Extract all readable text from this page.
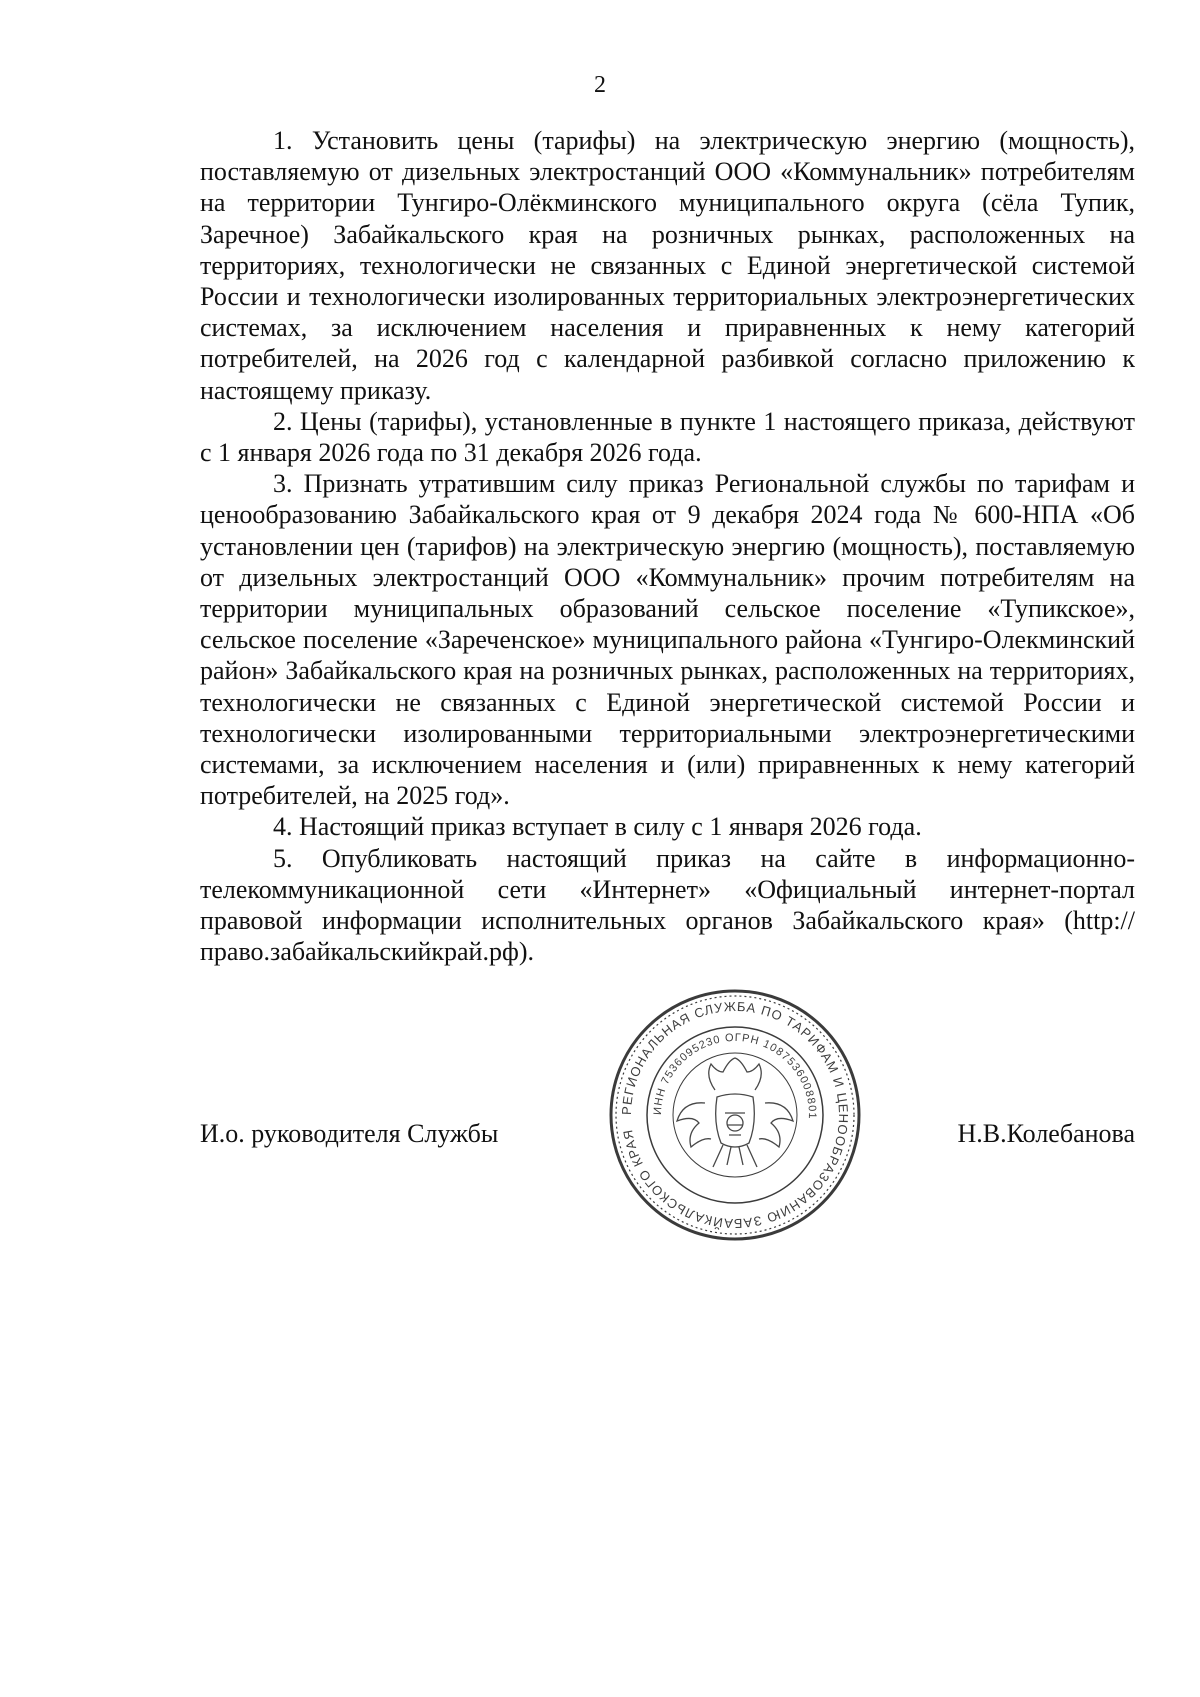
2

1. Установить цены (тарифы) на электрическую энергию (мощность), поставляемую от дизельных электростанций ООО «Коммунальник» потребителям на территории Тунгиро-Олёкминского муниципального округа (сёла Тупик, Заречное) Забайкальского края на розничных рынках, расположенных на территориях, технологически не связанных с Единой энергетической системой России и технологически изолированных территориальных электроэнергетических системах, за исключением населения и приравненных к нему категорий потребителей, на 2026 год с календарной разбивкой согласно приложению к настоящему приказу.

2. Цены (тарифы), установленные в пункте 1 настоящего приказа, действуют с 1 января 2026 года по 31 декабря 2026 года.

3. Признать утратившим силу приказ Региональной службы по тарифам и ценообразованию Забайкальского края от 9 декабря 2024 года № 600-НПА «Об установлении цен (тарифов) на электрическую энергию (мощность), поставляемую от дизельных электростанций ООО «Коммунальник» прочим потребителям на территории муниципальных образований сельское поселение «Тупикское», сельское поселение «Зареченское» муниципального района «Тунгиро-Олекминский район» Забайкальского края на розничных рынках, расположенных на территориях, технологически не связанных с Единой энергетической системой России и технологически изолированными территориальными электроэнергетическими системами, за исключением населения и (или) приравненных к нему категорий потребителей, на 2025 год».

4. Настоящий приказ вступает в силу с 1 января 2026 года.

5. Опубликовать настоящий приказ на сайте в информационно-телекоммуникационной сети «Интернет» «Официальный интернет-портал правовой информации исполнительных органов Забайкальского края» (http://право.забайкальскийкрай.рф).

И.о. руководителя Службы	Н.В.Колебанова
РЕГИОНАЛЬНАЯ СЛУЖБА ПО ТАРИФАМ И ЦЕНООБРАЗОВАНИЮ ЗАБАЙКАЛЬСКОГО КРАЯ
ИНН 7536095230 ОГРН 1087536008801
